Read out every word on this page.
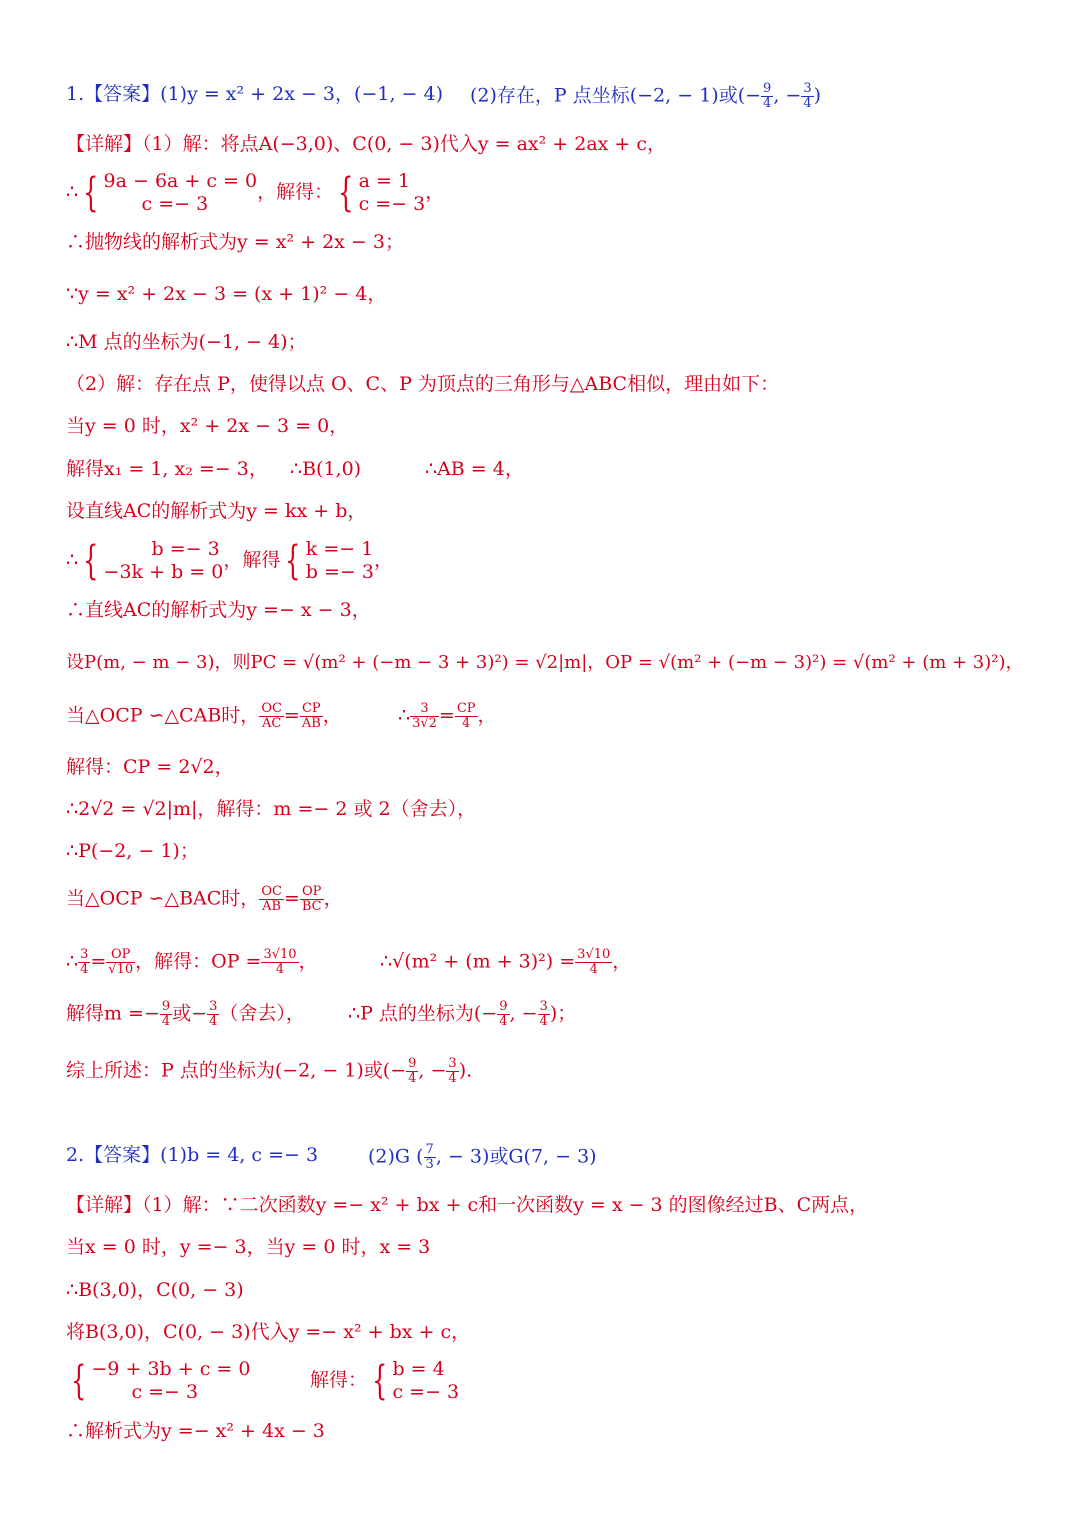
1.【答案】(1)y = x² + 2x − 3，(−1, − 4) (2)存在，P 点坐标(−2, − 1)或(− $\frac{9}{4}$ , − $\frac{3}{4}$ )
【详解】（1）解：将点A(−3,0)、C(0, − 3)代入y = ax² + 2ax + c，
∴ { 9a − 6a + c = 0
c =− 3
，解得： { a = 1
c =− 3
，
∴抛物线的解析式为y = x² + 2x − 3；
∵y = x² + 2x − 3 = (x + 1)² − 4，
∴M 点的坐标为(−1, − 4)；
（2）解：存在点 P，使得以点 O、C、P 为顶点的三角形与△ABC相似，理由如下：
当y = 0 时，x² + 2x − 3 = 0，
解得x₁ = 1, x₂ =− 3， ∴B(1,0)	∴AB = 4，
设直线AC的解析式为y = kx + b，
∴ {	b =− 3
−3k + b = 0
，解得 { k =− 1
b =− 3
，
∴直线AC的解析式为y =− x − 3，
设P(m, − m − 3)，则PC = √(m² + (−m − 3 + 3)²) = √2|m|，OP = √(m² + (−m − 3)²) = √(m² + (m + 3)²)，
当△OCP ∽△CAB时， $\frac{OC}{AC} = \frac{CP}{AB}$ ，	∴ $\frac{3}{3√2} = \frac{CP}{4}$ ，
解得：CP = 2√2，
∴2√2 = √2|m|，解得：m =− 2 或 2（舍去），
∴P(−2, − 1)；
当△OCP ∽△BAC时， $\frac{OC}{AB} = \frac{OP}{BC}$ ，
∴ $\frac{3}{4} = \frac{OP}{√10}$ ，解得：OP = $\frac{3√10}{4}$ ，	∴√(m² + $(m + 3)^2) = \frac{3√10}{4}$ ，
解得$m =- \frac{9}{4}$ 或− $\frac{3}{4}$ （舍去）， ∴P 点的坐标为(− $\frac{9}{4}$ , − $\frac{3}{4}$ )；
综上所述：P 点的坐标为(−2, − 1)或(− $\frac{9}{4}$ , − $\frac{3}{4}$ ).
2.【答案】(1)b = 4, c =− 3	(2)G ( $\frac{7}{3}$ , − 3)或G(7, − 3)
【详解】（1）解：∵二次函数y =− x² + bx + c和一次函数y = x − 3 的图像经过B、C两点，
当x = 0 时，y =− 3，当y = 0 时，x = 3
∴B(3,0)，C(0, − 3)
将B(3,0)，C(0, − 3)代入y =− x² + bx + c，
{ −9 + 3b + c = 0
c =− 3
解得： { b = 4
c =− 3
∴解析式为y =− x² + 4x − 3
